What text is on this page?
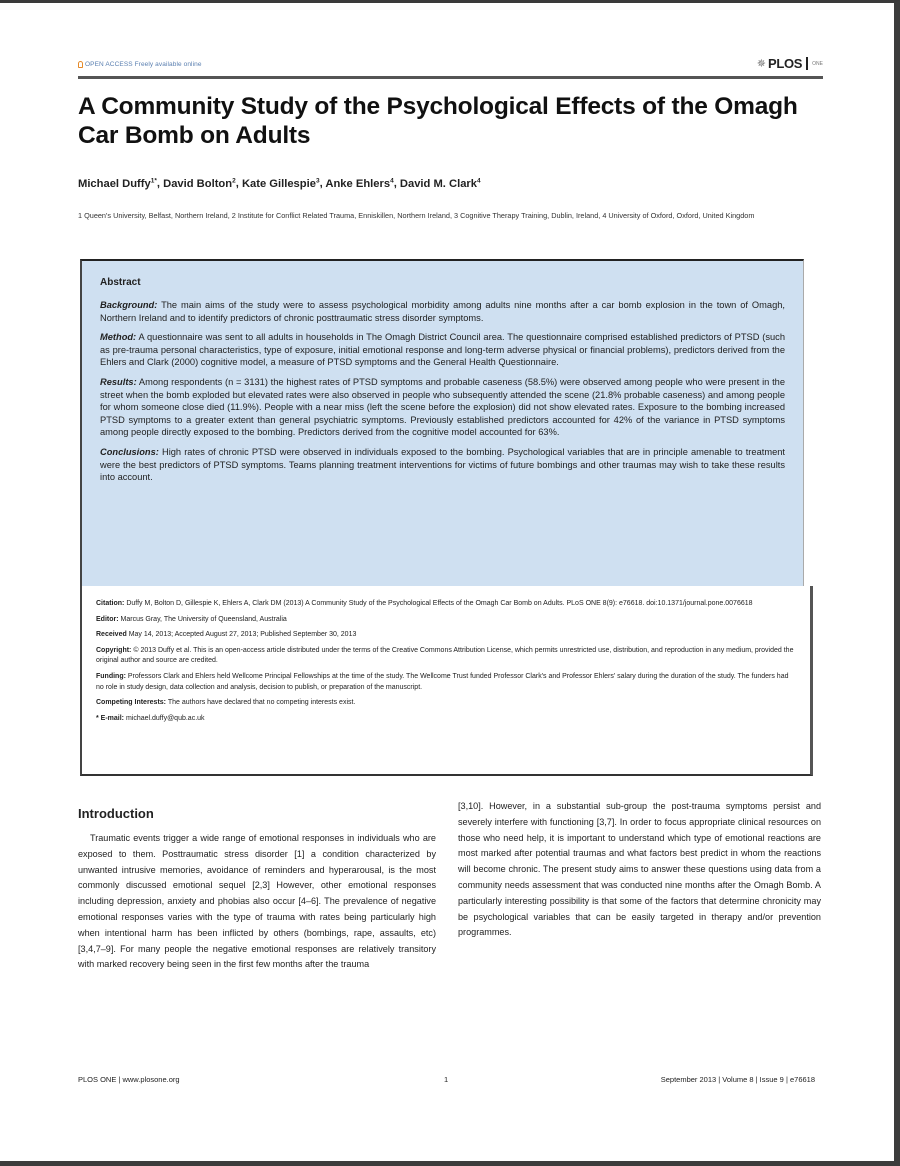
OPEN ACCESS Freely available online	✵ PLOS ONE
A Community Study of the Psychological Effects of the Omagh Car Bomb on Adults
Michael Duffy$^{1*}$, David Bolton$^2$, Kate Gillespie$^3$, Anke Ehlers$^4$, David M. Clark$^4$
1 Queen's University, Belfast, Northern Ireland, 2 Institute for Conflict Related Trauma, Enniskillen, Northern Ireland, 3 Cognitive Therapy Training, Dublin, Ireland, 4 University of Oxford, Oxford, United Kingdom
Abstract

Background: The main aims of the study were to assess psychological morbidity among adults nine months after a car bomb explosion in the town of Omagh, Northern Ireland and to identify predictors of chronic posttraumatic stress disorder symptoms.

Method: A questionnaire was sent to all adults in households in The Omagh District Council area. The questionnaire comprised established predictors of PTSD (such as pre-trauma personal characteristics, type of exposure, initial emotional response and long-term adverse physical or financial problems), predictors derived from the Ehlers and Clark (2000) cognitive model, a measure of PTSD symptoms and the General Health Questionnaire.

Results: Among respondents (n = 3131) the highest rates of PTSD symptoms and probable caseness (58.5%) were observed among people who were present in the street when the bomb exploded but elevated rates were also observed in people who subsequently attended the scene (21.8% probable caseness) and among people for whom someone close died (11.9%). People with a near miss (left the scene before the explosion) did not show elevated rates. Exposure to the bombing increased PTSD symptoms to a greater extent than general psychiatric symptoms. Previously established predictors accounted for 42% of the variance in PTSD symptoms among people directly exposed to the bombing. Predictors derived from the cognitive model accounted for 63%.

Conclusions: High rates of chronic PTSD were observed in individuals exposed to the bombing. Psychological variables that are in principle amenable to treatment were the best predictors of PTSD symptoms. Teams planning treatment interventions for victims of future bombings and other traumas may wish to take these results into account.

Citation: Duffy M, Bolton D, Gillespie K, Ehlers A, Clark DM (2013) A Community Study of the Psychological Effects of the Omagh Car Bomb on Adults. PLoS ONE 8(9): e76618. doi:10.1371/journal.pone.0076618

Editor: Marcus Gray, The University of Queensland, Australia

Received May 14, 2013; Accepted August 27, 2013; Published September 30, 2013

Copyright: © 2013 Duffy et al. This is an open-access article distributed under the terms of the Creative Commons Attribution License, which permits unrestricted use, distribution, and reproduction in any medium, provided the original author and source are credited.

Funding: Professors Clark and Ehlers held Wellcome Principal Fellowships at the time of the study. The Wellcome Trust funded Professor Clark's and Professor Ehlers' salary during the duration of the study. The funders had no role in study design, data collection and analysis, decision to publish, or preparation of the manuscript.

Competing Interests: The authors have declared that no competing interests exist.

* E-mail: michael.duffy@qub.ac.uk

Introduction
Traumatic events trigger a wide range of emotional responses in individuals who are exposed to them. Posttraumatic stress disorder [1] a condition characterized by unwanted intrusive memories, avoidance of reminders and hyperarousal, is the most commonly discussed emotional sequel [2,3] However, other emotional responses including depression, anxiety and phobias also occur [4–6]. The prevalence of negative emotional responses varies with the type of trauma with rates being particularly high when intentional harm has been inflicted by others (bombings, rape, assaults, etc) [3,4,7–9]. For many people the negative emotional responses are relatively transitory with marked recovery being seen in the first few months after the trauma
[3,10]. However, in a substantial sub-group the post-trauma symptoms persist and severely interfere with functioning [3,7]. In order to focus appropriate clinical resources on those who need help, it is important to understand which type of emotional reactions are most marked after potential traumas and what factors best predict in whom the reactions will become chronic. The present study aims to answer these questions using data from a community needs assessment that was conducted nine months after the Omagh Bomb. A particularly interesting possibility is that some of the factors that determine chronicity may be psychological variables that can be easily targeted in therapy and/or prevention programmes.
PLOS ONE | www.plosone.org	1	September 2013 | Volume 8 | Issue 9 | e76618
